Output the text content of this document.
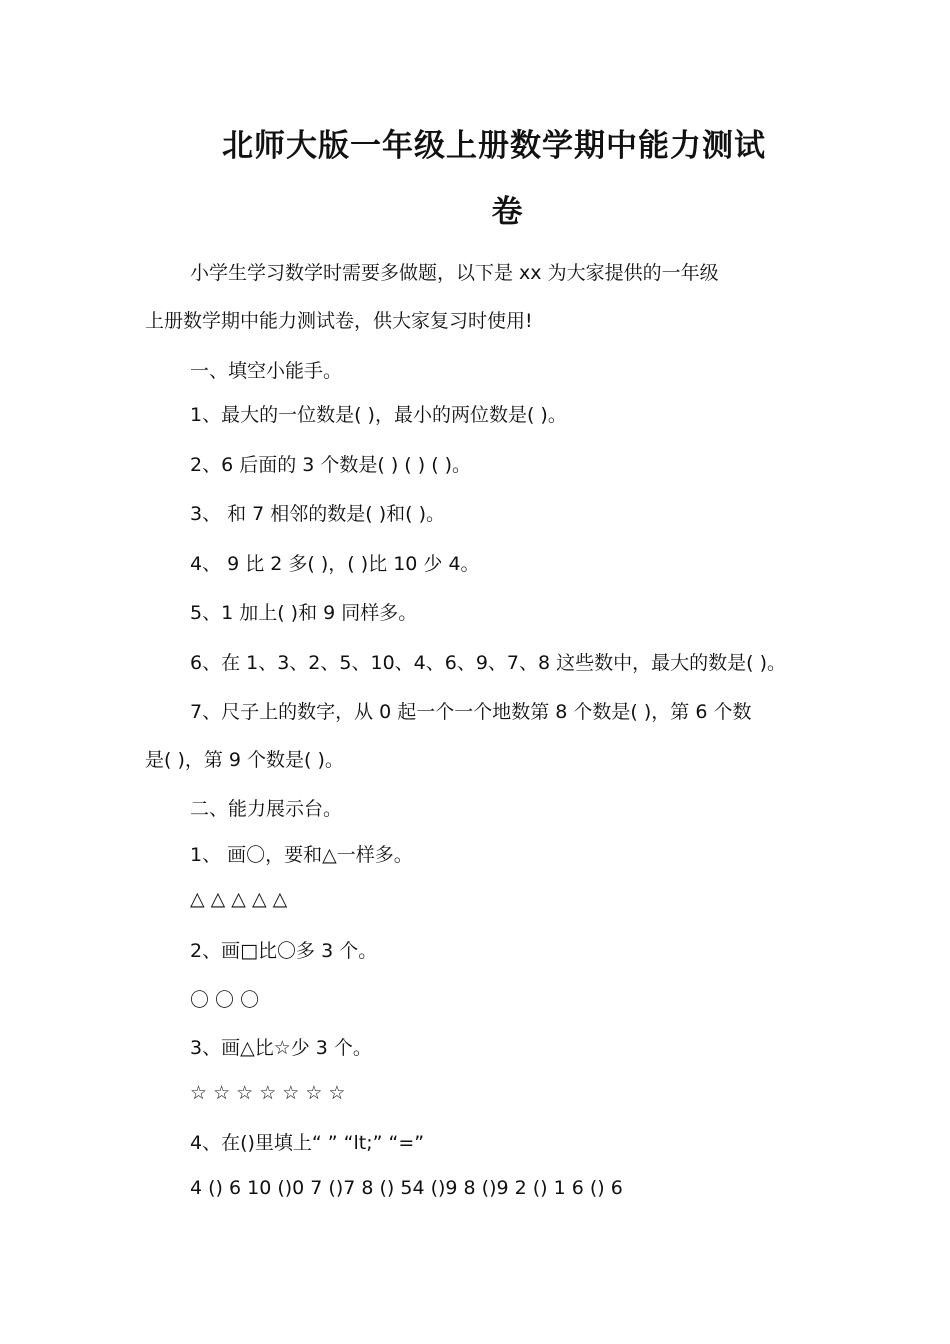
北师大版一年级上册数学期中能力测试
卷

小学生学习数学时需要多做题，以下是 xx 为大家提供的一年级

上册数学期中能力测试卷，供大家复习时使用!

一、填空小能手。

1、最大的一位数是( )，最小的两位数是( )。

2、6 后面的 3 个数是( ) ( ) ( )。

3、 和 7 相邻的数是( )和( )。

4、 9 比 2 多( )，( )比 10 少 4。

5、1 加上( )和 9 同样多。

6、在 1、3、2、5、10、4、6、9、7、8 这些数中，最大的数是( )。

7、尺子上的数字，从 0 起一个一个地数第 8 个数是( )，第 6 个数

是( )，第 9 个数是( )。

二、能力展示台。

1、 画〇，要和△一样多。

△ △ △ △ △

2、画□比〇多 3 个。

〇 〇 〇

3、画△比☆少 3 个。

☆ ☆ ☆ ☆ ☆ ☆ ☆

4、在()里填上“ ” “lt;” “=”

4 () 6 10 ()0 7 ()7 8 () 54 ()9 8 ()9 2 () 1 6 () 6
